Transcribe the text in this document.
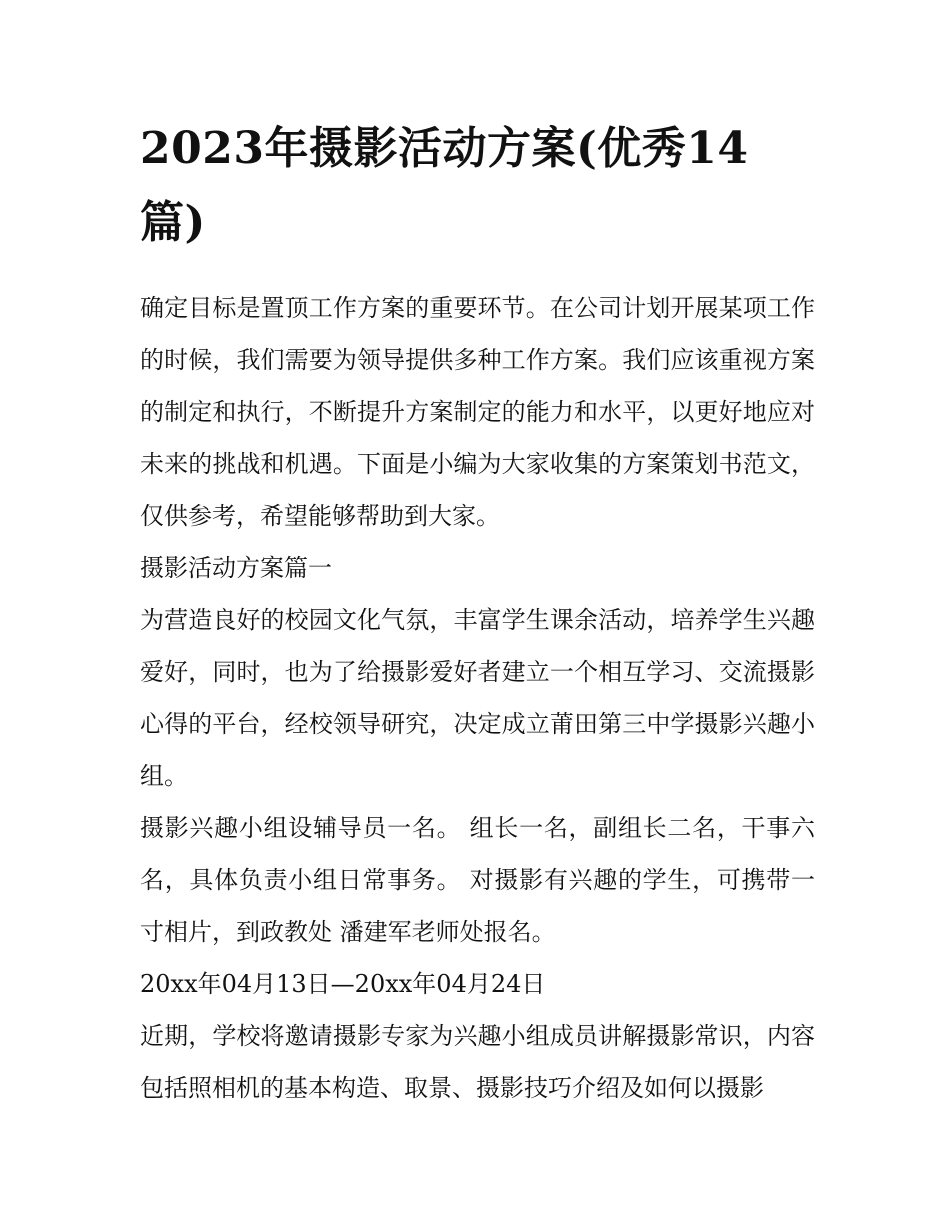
2023年摄影活动方案(优秀14篇)

确定目标是置顶工作方案的重要环节。在公司计划开展某项工作的时候，我们需要为领导提供多种工作方案。我们应该重视方案的制定和执行，不断提升方案制定的能力和水平，以更好地应对未来的挑战和机遇。下面是小编为大家收集的方案策划书范文，仅供参考，希望能够帮助到大家。

摄影活动方案篇一

为营造良好的校园文化气氛，丰富学生课余活动，培养学生兴趣爱好，同时，也为了给摄影爱好者建立一个相互学习、交流摄影心得的平台，经校领导研究，决定成立莆田第三中学摄影兴趣小组。

摄影兴趣小组设辅导员一名。 组长一名，副组长二名，干事六名，具体负责小组日常事务。 对摄影有兴趣的学生，可携带一寸相片，到政教处 潘建军老师处报名。

20xx年04月13日—20xx年04月24日

近期，学校将邀请摄影专家为兴趣小组成员讲解摄影常识，内容包括照相机的基本构造、取景、摄影技巧介绍及如何以摄影
